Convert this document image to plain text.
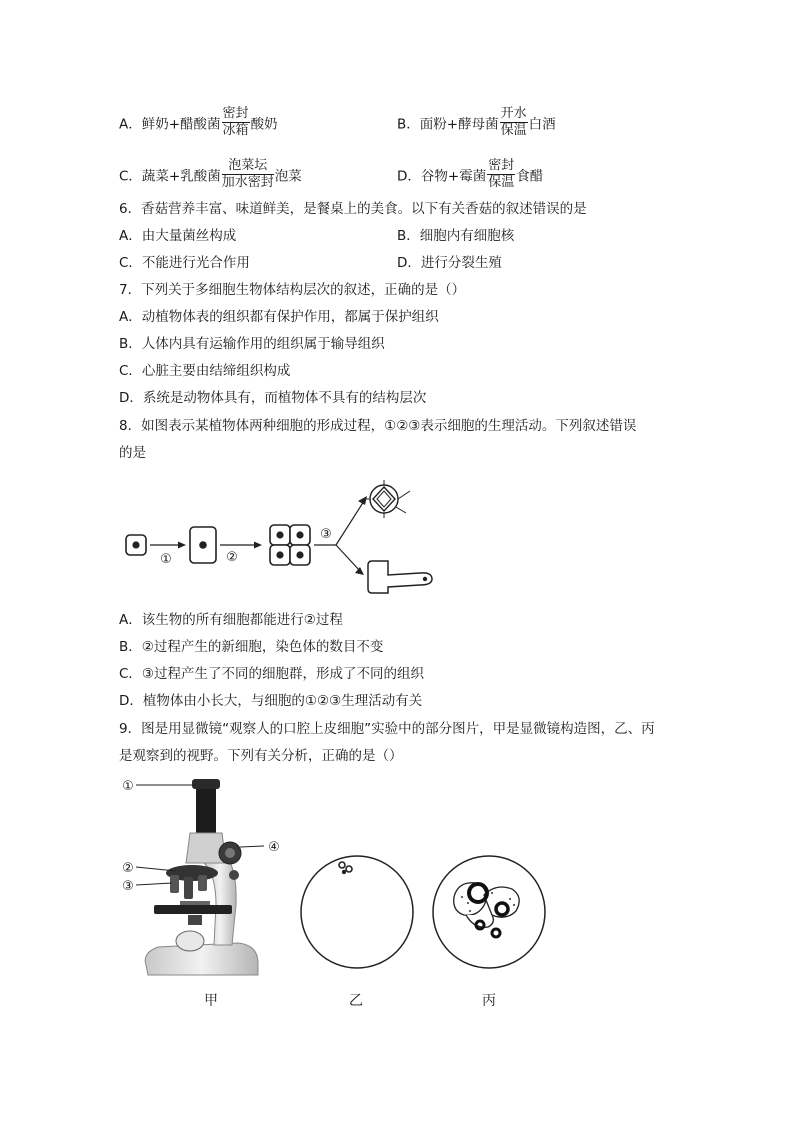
A．鲜奶+醋酸菌
密封
冰箱 酸奶	B．面粉+酵母菌
开水
保温 白酒
C．蔬菜+乳酸菌
泡菜坛
加水密封 泡菜	D．谷物+霉菌
密封
保温 食醋
6．香菇营养丰富、味道鲜美，是餐桌上的美食。以下有关香菇的叙述错误的是
A．由大量菌丝构成	B．细胞内有细胞核
C．不能进行光合作用	D．进行分裂生殖
7．下列关于多细胞生物体结构层次的叙述，正确的是（）
A．动植物体表的组织都有保护作用，都属于保护组织
B．人体内具有运输作用的组织属于输导组织
C．心脏主要由结缔组织构成
D．系统是动物体具有，而植物体不具有的结构层次
8．如图表示某植物体两种细胞的形成过程，①②③表示细胞的生理活动。下列叙述错误
的是
①	②
③
A．该生物的所有细胞都能进行②过程
B．②过程产生的新细胞，染色体的数目不变
C．③过程产生了不同的细胞群，形成了不同的组织
D．植物体由小长大，与细胞的①②③生理活动有关
9．图是用显微镜“观察人的口腔上皮细胞”实验中的部分图片，甲是显微镜构造图，乙、丙
是观察到的视野。下列有关分析，正确的是（）
①
②
③
④
甲	乙	丙
